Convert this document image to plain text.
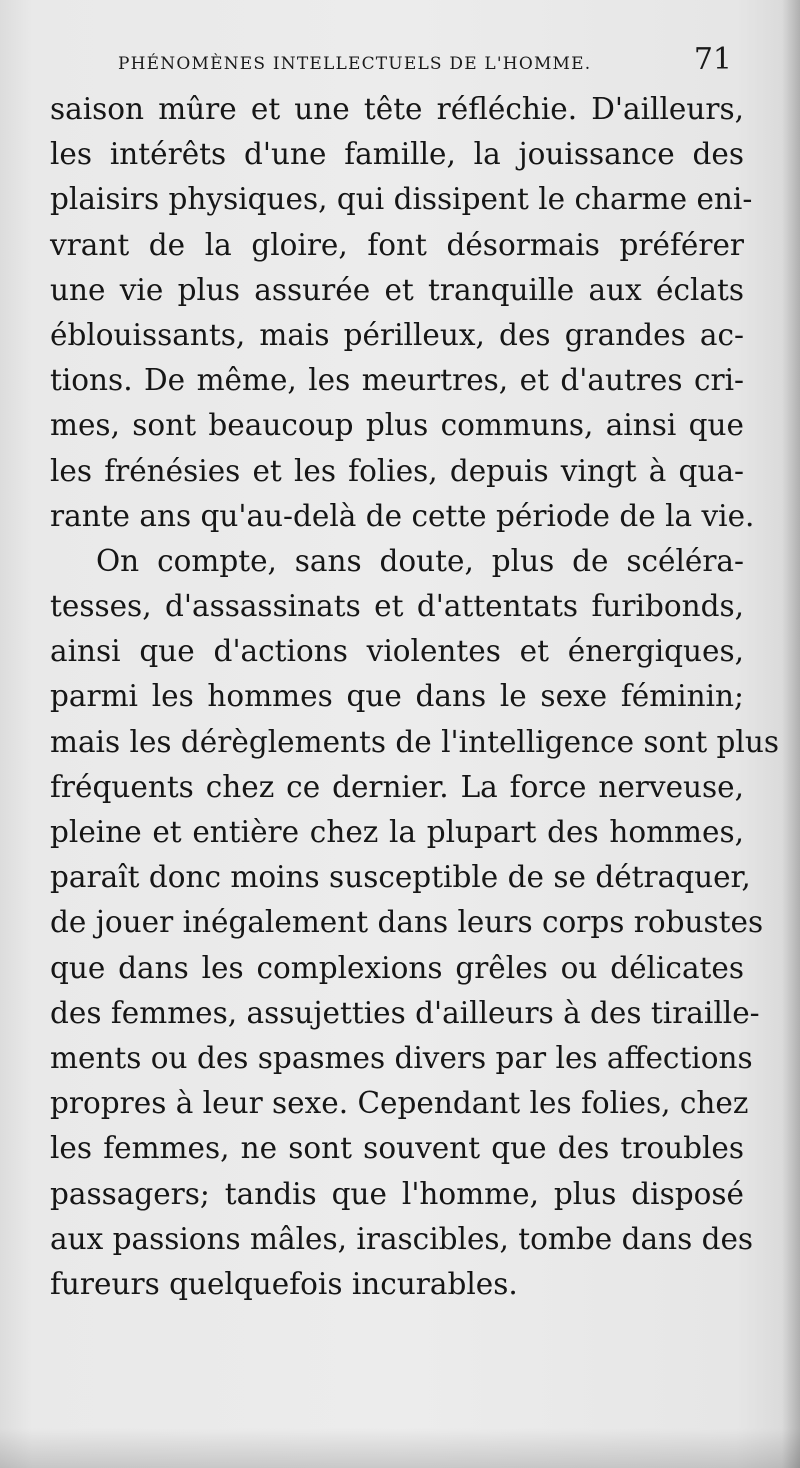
PHÉNOMÈNES INTELLECTUELS DE L'HOMME.	71

saison mûre et une tête réfléchie. D'ailleurs,
les intérêts d'une famille, la jouissance des
plaisirs physiques, qui dissipent le charme eni-
vrant de la gloire, font désormais préférer
une vie plus assurée et tranquille aux éclats
éblouissants, mais périlleux, des grandes ac-
tions. De même, les meurtres, et d'autres cri-
mes, sont beaucoup plus communs, ainsi que
les frénésies et les folies, depuis vingt à qua-
rante ans qu'au-delà de cette période de la vie.

On compte, sans doute, plus de scéléra-
tesses, d'assassinats et d'attentats furibonds,
ainsi que d'actions violentes et énergiques,
parmi les hommes que dans le sexe féminin;
mais les dérèglements de l'intelligence sont plus
fréquents chez ce dernier. La force nerveuse,
pleine et entière chez la plupart des hommes,
paraît donc moins susceptible de se détraquer,
de jouer inégalement dans leurs corps robustes
que dans les complexions grêles ou délicates
des femmes, assujetties d'ailleurs à des tiraille-
ments ou des spasmes divers par les affections
propres à leur sexe. Cependant les folies, chez
les femmes, ne sont souvent que des troubles
passagers; tandis que l'homme, plus disposé
aux passions mâles, irascibles, tombe dans des
fureurs quelquefois incurables.
